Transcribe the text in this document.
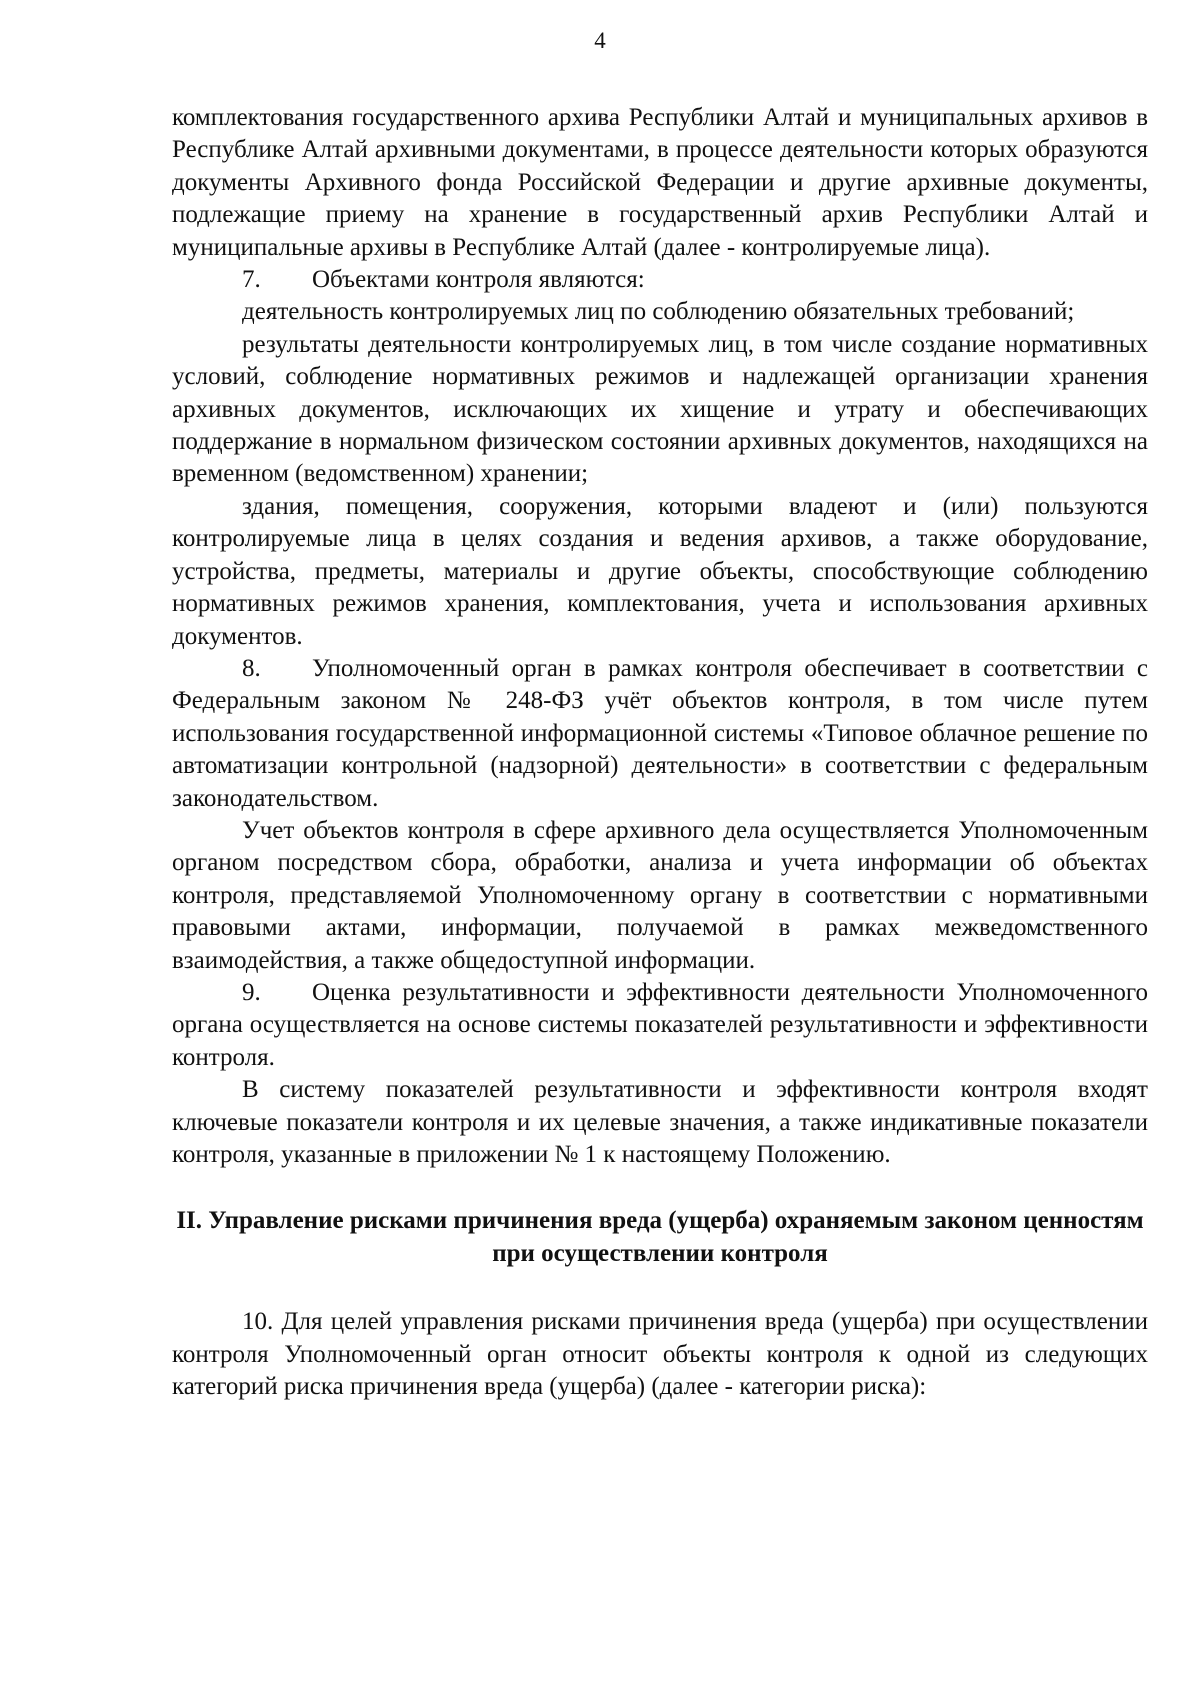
4

комплектования государственного архива Республики Алтай и муниципальных архивов в Республике Алтай архивными документами, в процессе деятельности которых образуются документы Архивного фонда Российской Федерации и другие архивные документы, подлежащие приему на хранение в государственный архив Республики Алтай и муниципальные архивы в Республике Алтай (далее - контролируемые лица).

7. Объектами контроля являются:

деятельность контролируемых лиц по соблюдению обязательных требований;

результаты деятельности контролируемых лиц, в том числе создание нормативных условий, соблюдение нормативных режимов и надлежащей организации хранения архивных документов, исключающих их хищение и утрату и обеспечивающих поддержание в нормальном физическом состоянии архивных документов, находящихся на временном (ведомственном) хранении;

здания, помещения, сооружения, которыми владеют и (или) пользуются контролируемые лица в целях создания и ведения архивов, а также оборудование, устройства, предметы, материалы и другие объекты, способствующие соблюдению нормативных режимов хранения, комплектования, учета и использования архивных документов.

8. Уполномоченный орган в рамках контроля обеспечивает в соответствии с Федеральным законом № 248-ФЗ учёт объектов контроля, в том числе путем использования государственной информационной системы «Типовое облачное решение по автоматизации контрольной (надзорной) деятельности» в соответствии с федеральным законодательством.

Учет объектов контроля в сфере архивного дела осуществляется Уполномоченным органом посредством сбора, обработки, анализа и учета информации об объектах контроля, представляемой Уполномоченному органу в соответствии с нормативными правовыми актами, информации, получаемой в рамках межведомственного взаимодействия, а также общедоступной информации.

9. Оценка результативности и эффективности деятельности Уполномоченного органа осуществляется на основе системы показателей результативности и эффективности контроля.

В систему показателей результативности и эффективности контроля входят ключевые показатели контроля и их целевые значения, а также индикативные показатели контроля, указанные в приложении № 1 к настоящему Положению.

II. Управление рисками причинения вреда (ущерба) охраняемым законом ценностям при осуществлении контроля

10. Для целей управления рисками причинения вреда (ущерба) при осуществлении контроля Уполномоченный орган относит объекты контроля к одной из следующих категорий риска причинения вреда (ущерба) (далее - категории риска):
